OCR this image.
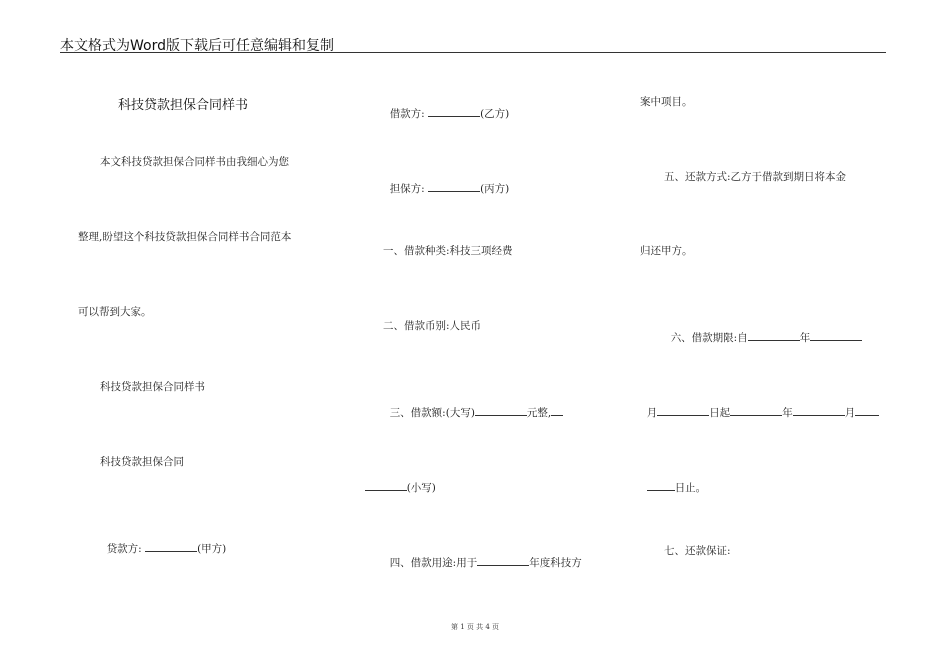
本文格式为Word版下载后可任意编辑和复制
科技贷款担保合同样书
本文科技贷款担保合同样书由我细心为您
整理,盼望这个科技贷款担保合同样书合同范本
可以帮到大家。
科技贷款担保合同样书
科技贷款担保合同

贷款方:	(甲方)

借款方:	(乙方)

担保方:	(丙方)

一、借款种类:科技三项经费
二、借款币别:人民币

三、借款额:(大写)	元整,

(小写)

四、借款用途:用于	年度科技方

案中项目。
五、还款方式:乙方于借款到期日将本金
归还甲方。

六、借款期限:自	年

月	日起	年	月

日止。

七、还款保证:
第 1 页 共 4 页
